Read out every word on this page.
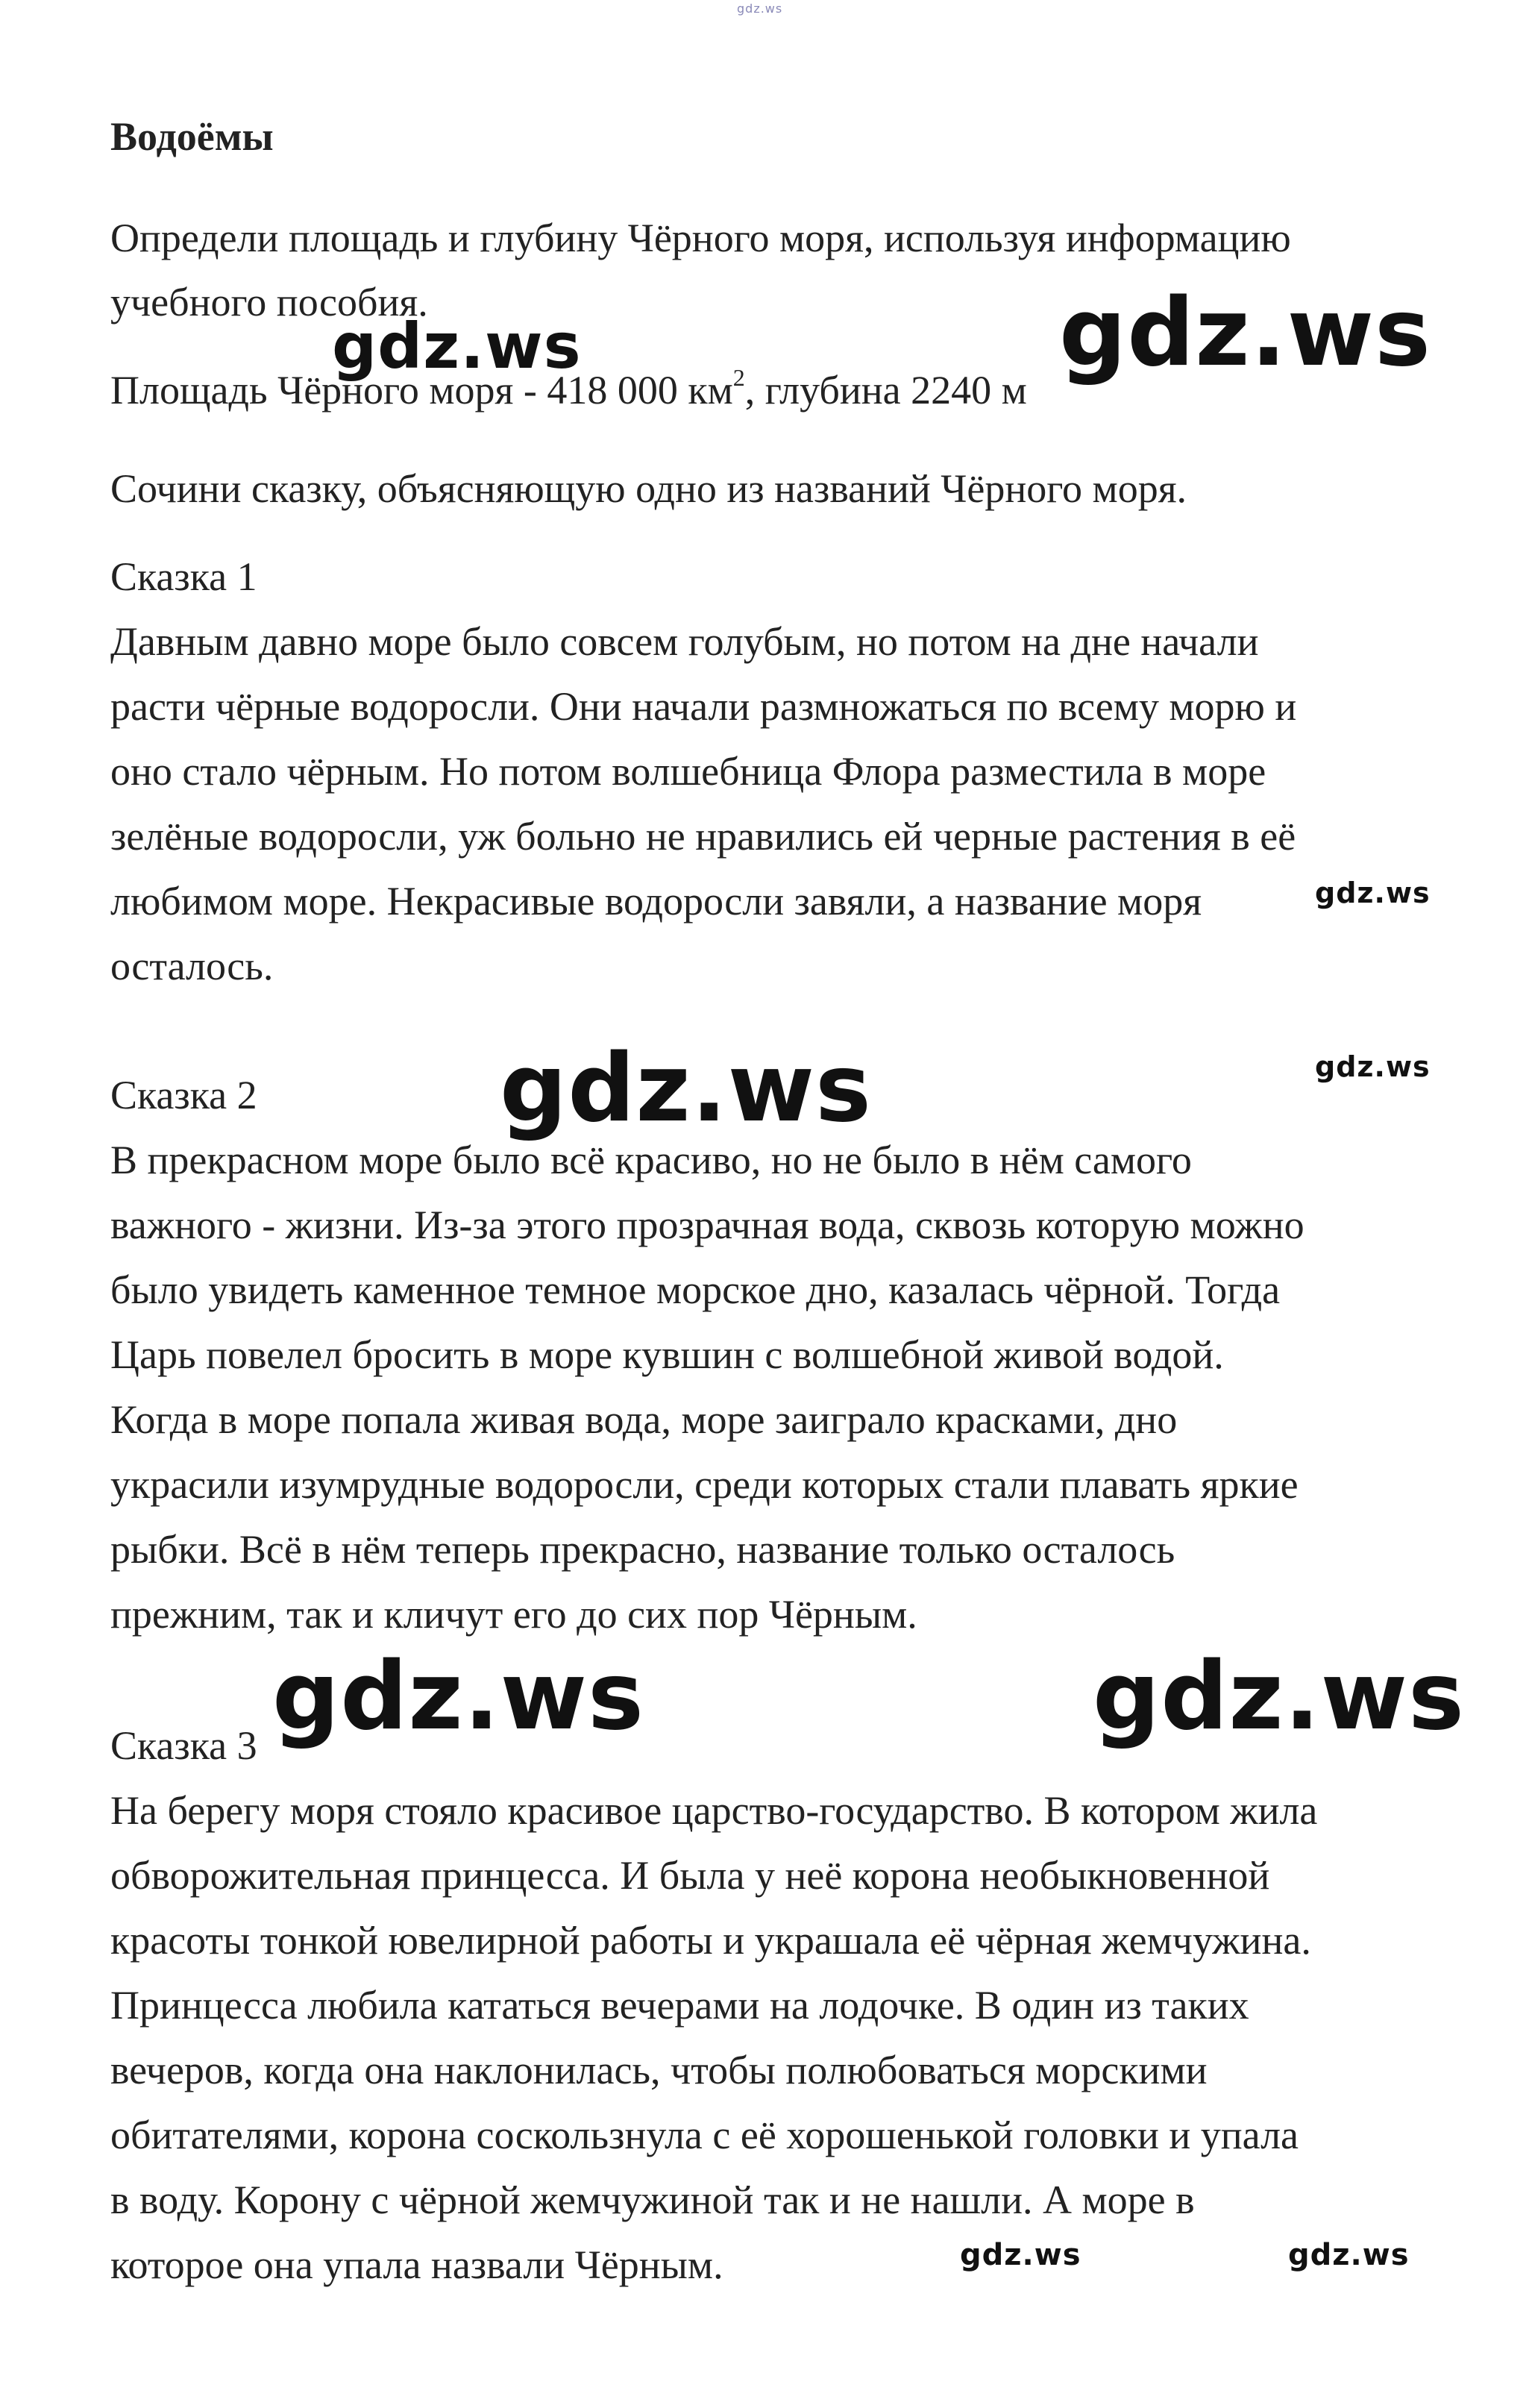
Водоёмы
Определи площадь и глубину Чёрного моря, используя информацию
учебного пособия.
Площадь Чёрного моря - 418 000 $км^2$, глубина 2240 м
Сочини сказку, объясняющую одно из названий Чёрного моря.
Сказка 1
Давным давно море было совсем голубым, но потом на дне начали
расти чёрные водоросли. Они начали размножаться по всему морю и
оно стало чёрным. Но потом волшебница Флора разместила в море
зелёные водоросли, уж больно не нравились ей черные растения в её
любимом море. Некрасивые водоросли завяли, а название моря
осталось.
Сказка 2
В прекрасном море было всё красиво, но не было в нём самого
важного - жизни. Из-за этого прозрачная вода, сквозь которую можно
было увидеть каменное темное морское дно, казалась чёрной. Тогда
Царь повелел бросить в море кувшин с волшебной живой водой.
Когда в море попала живая вода, море заиграло красками, дно
украсили изумрудные водоросли, среди которых стали плавать яркие
рыбки. Всё в нём теперь прекрасно, название только осталось
прежним, так и кличут его до сих пор Чёрным.
Сказка 3
На берегу моря стояло красивое царство-государство. В котором жила
обворожительная принцесса. И была у неё корона необыкновенной
красоты тонкой ювелирной работы и украшала её чёрная жемчужина.
Принцесса любила кататься вечерами на лодочке. В один из таких
вечеров, когда она наклонилась, чтобы полюбоваться морскими
обитателями, корона соскользнула с её хорошенькой головки и упала
в воду. Корону с чёрной жемчужиной так и не нашли. А море в
которое она упала назвали Чёрным.
gdz.ws
gdz.ws	gdz.ws
gdz.ws
gdz.ws	gdz.ws
gdz.ws	gdz.ws
gdz.ws	gdz.ws
